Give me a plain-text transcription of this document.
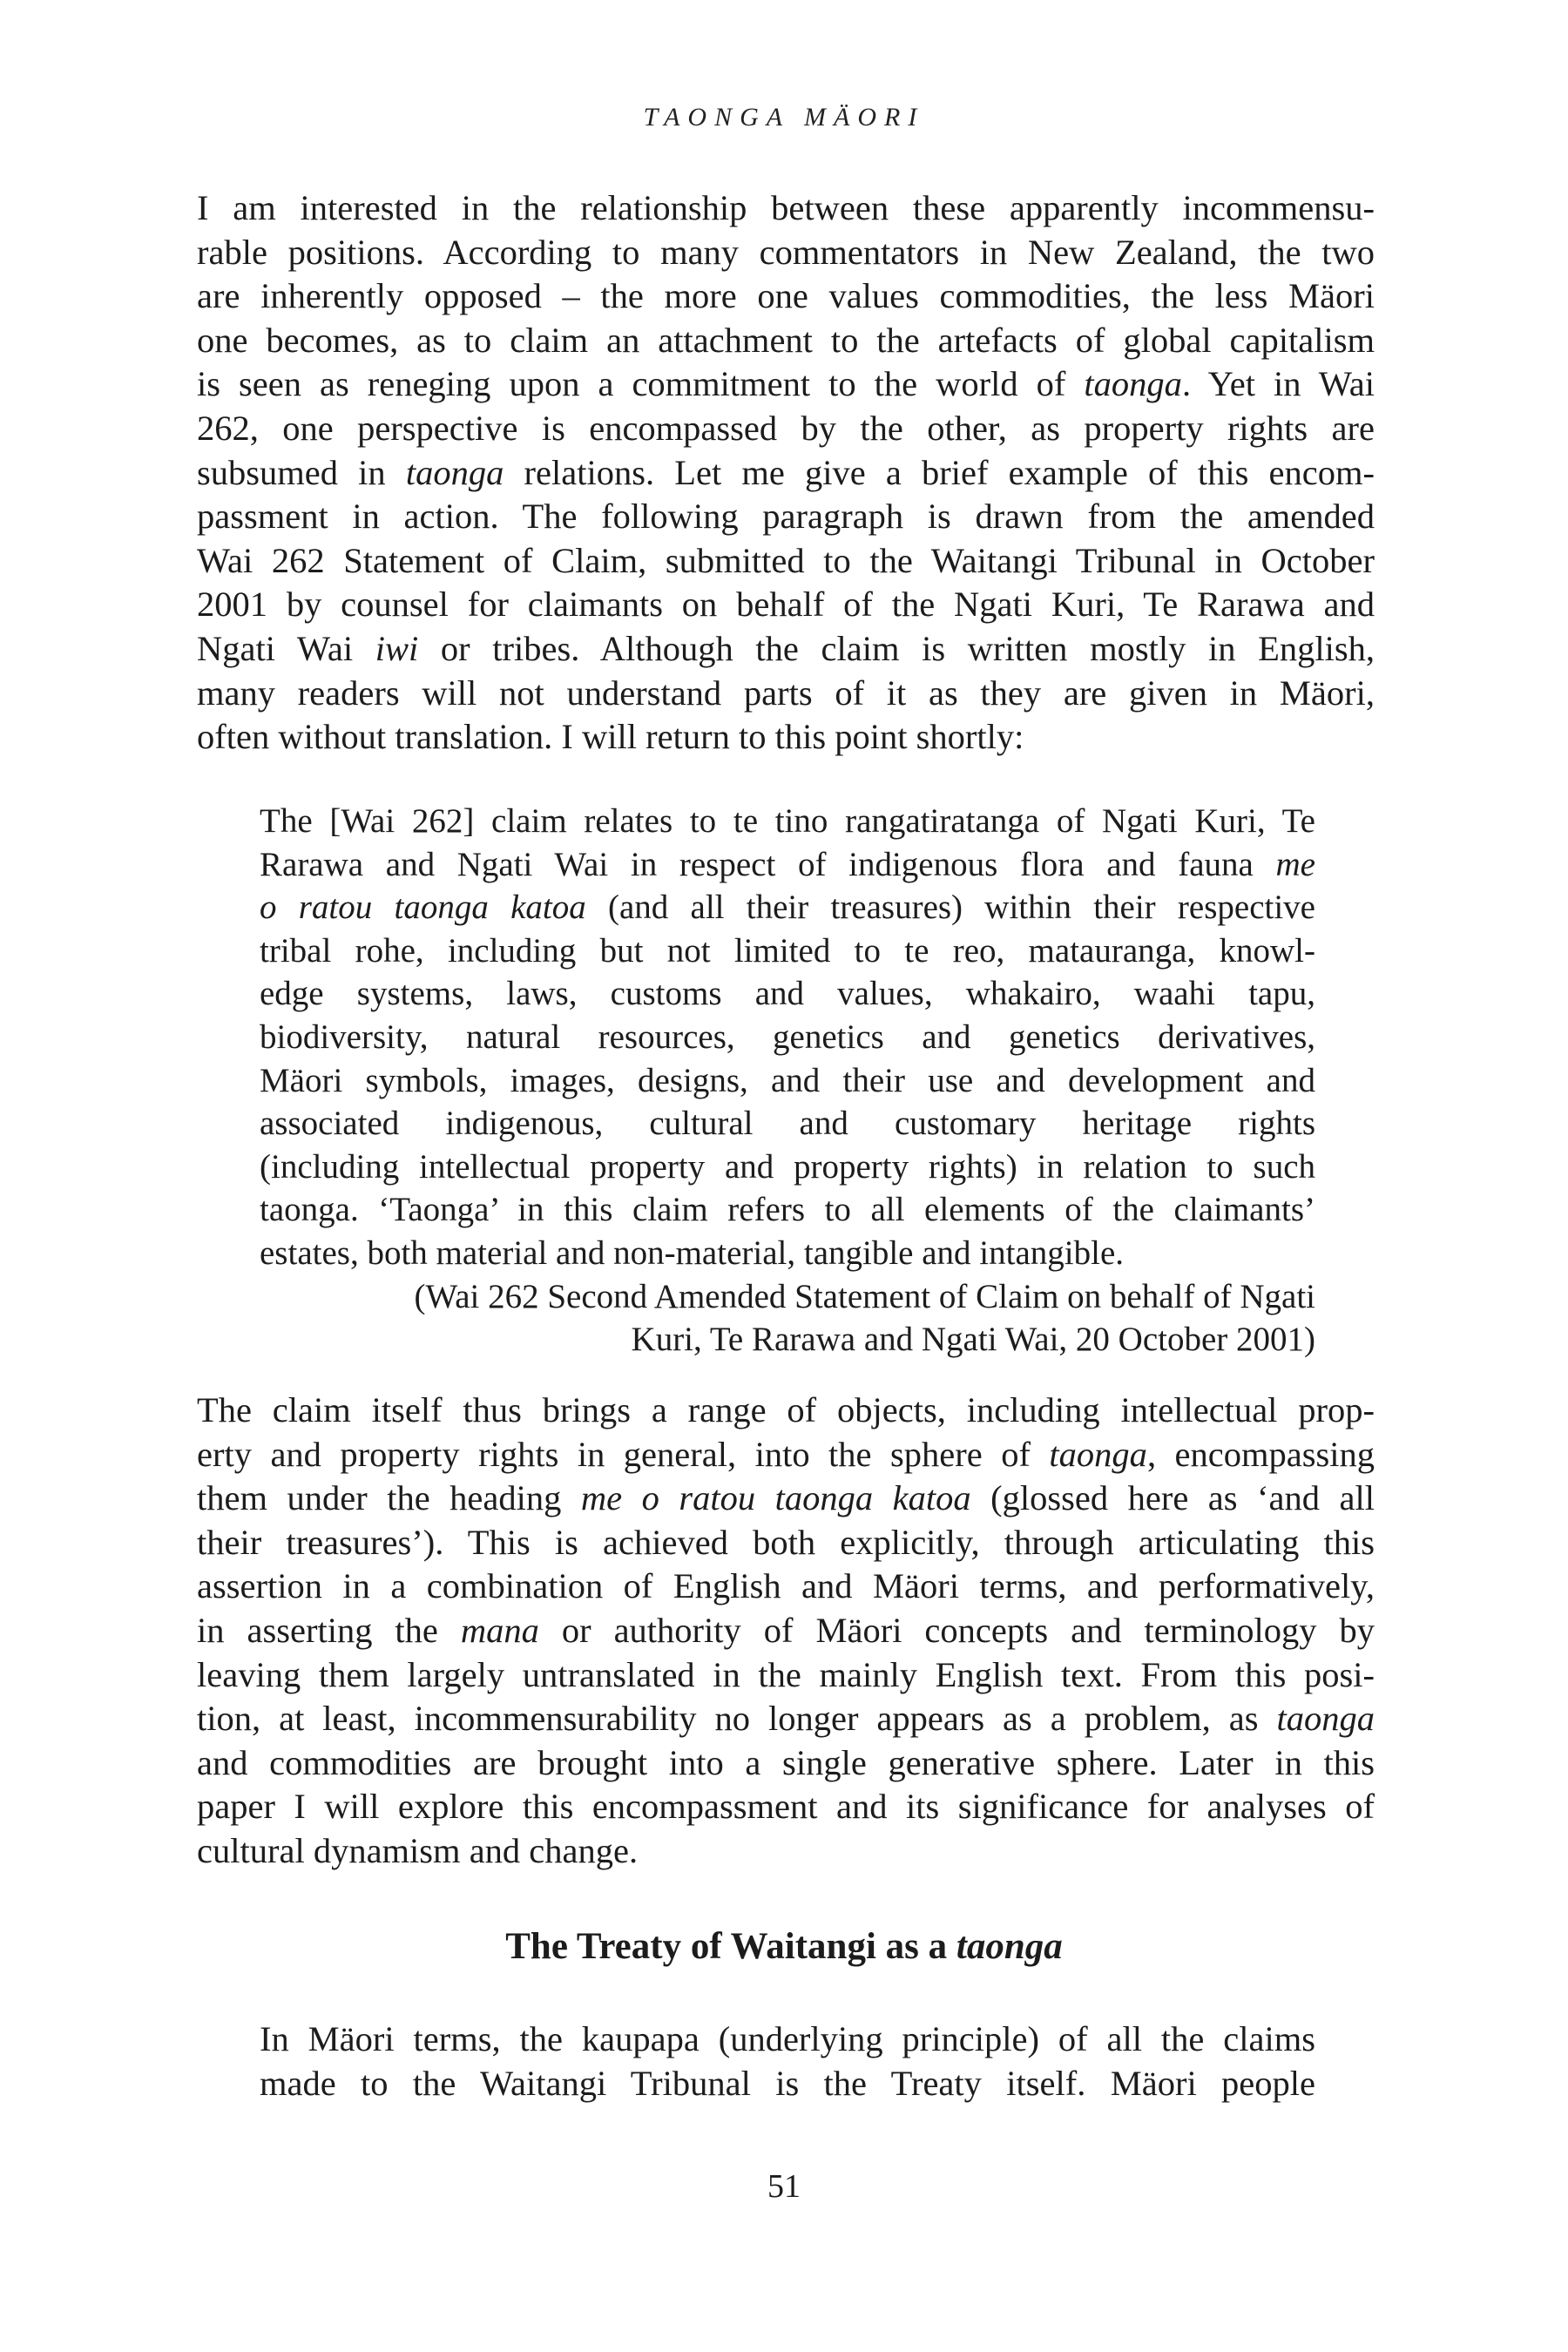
TAONGA MÄORI
I am interested in the relationship between these apparently incommensu-
rable positions. According to many commentators in New Zealand, the two
are inherently opposed – the more one values commodities, the less Mäori
one becomes, as to claim an attachment to the artefacts of global capitalism
is seen as reneging upon a commitment to the world of taonga. Yet in Wai
262, one perspective is encompassed by the other, as property rights are
subsumed in taonga relations. Let me give a brief example of this encom-
passment in action. The following paragraph is drawn from the amended
Wai 262 Statement of Claim, submitted to the Waitangi Tribunal in October
2001 by counsel for claimants on behalf of the Ngati Kuri, Te Rarawa and
Ngati Wai iwi or tribes. Although the claim is written mostly in English,
many readers will not understand parts of it as they are given in Mäori,
often without translation. I will return to this point shortly:
The [Wai 262] claim relates to te tino rangatiratanga of Ngati Kuri, Te
Rarawa and Ngati Wai in respect of indigenous flora and fauna me
o ratou taonga katoa (and all their treasures) within their respective
tribal rohe, including but not limited to te reo, matauranga, knowl-
edge systems, laws, customs and values, whakairo, waahi tapu,
biodiversity, natural resources, genetics and genetics derivatives,
Mäori symbols, images, designs, and their use and development and
associated indigenous, cultural and customary heritage rights
(including intellectual property and property rights) in relation to such
taonga. ‘Taonga’ in this claim refers to all elements of the claimants’
estates, both material and non-material, tangible and intangible.
(Wai 262 Second Amended Statement of Claim on behalf of Ngati
Kuri, Te Rarawa and Ngati Wai, 20 October 2001)
The claim itself thus brings a range of objects, including intellectual prop-
erty and property rights in general, into the sphere of taonga, encompassing
them under the heading me o ratou taonga katoa (glossed here as ‘and all
their treasures’). This is achieved both explicitly, through articulating this
assertion in a combination of English and Mäori terms, and performatively,
in asserting the mana or authority of Mäori concepts and terminology by
leaving them largely untranslated in the mainly English text. From this posi-
tion, at least, incommensurability no longer appears as a problem, as taonga
and commodities are brought into a single generative sphere. Later in this
paper I will explore this encompassment and its significance for analyses of
cultural dynamism and change.
The Treaty of Waitangi as a taonga
In Mäori terms, the kaupapa (underlying principle) of all the claims
made to the Waitangi Tribunal is the Treaty itself. Mäori people
51
